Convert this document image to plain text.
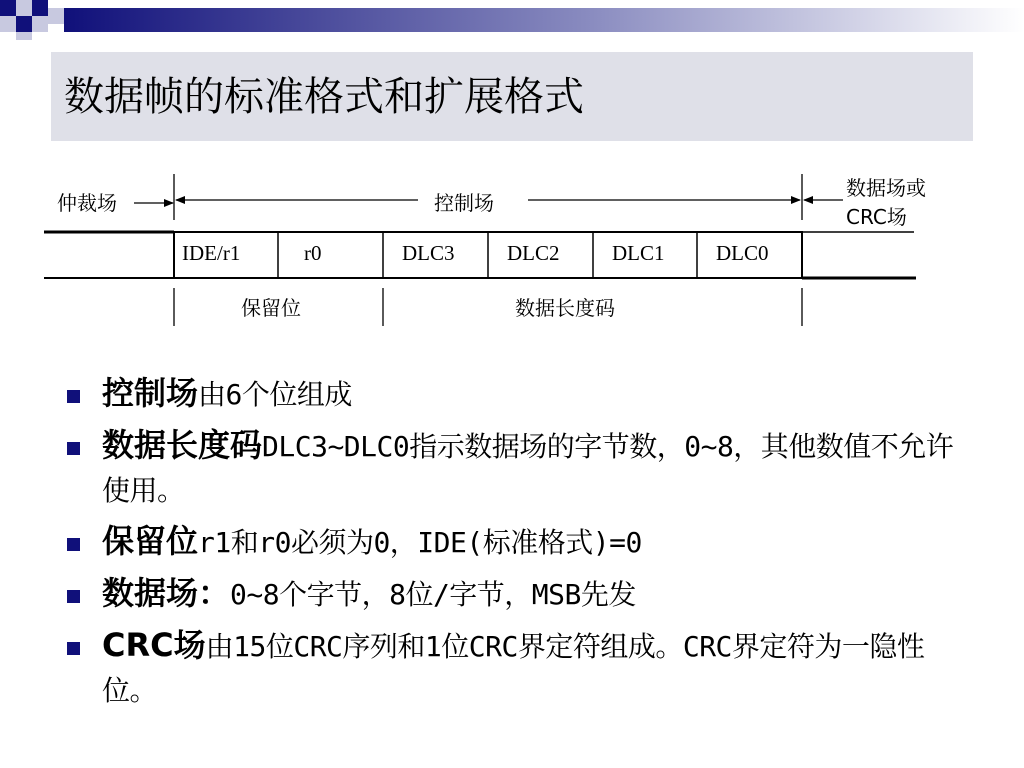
数据帧的标准格式和扩展格式
仲裁场	控制场
数据场或
CRC场
IDE/r1	r0	DLC3	DLC2	DLC1 DLC0
保留位	数据长度码
控制场由6个位组成
数据长度码DLC3~DLC0指示数据场的字节数，0~8，其他数值不允许使用。
保留位r1和r0必须为0，IDE(标准格式)=0
数据场：0~8个字节，8位/字节，MSB先发
CRC场由15位CRC序列和1位CRC界定符组成。CRC界定符为一隐性位。
